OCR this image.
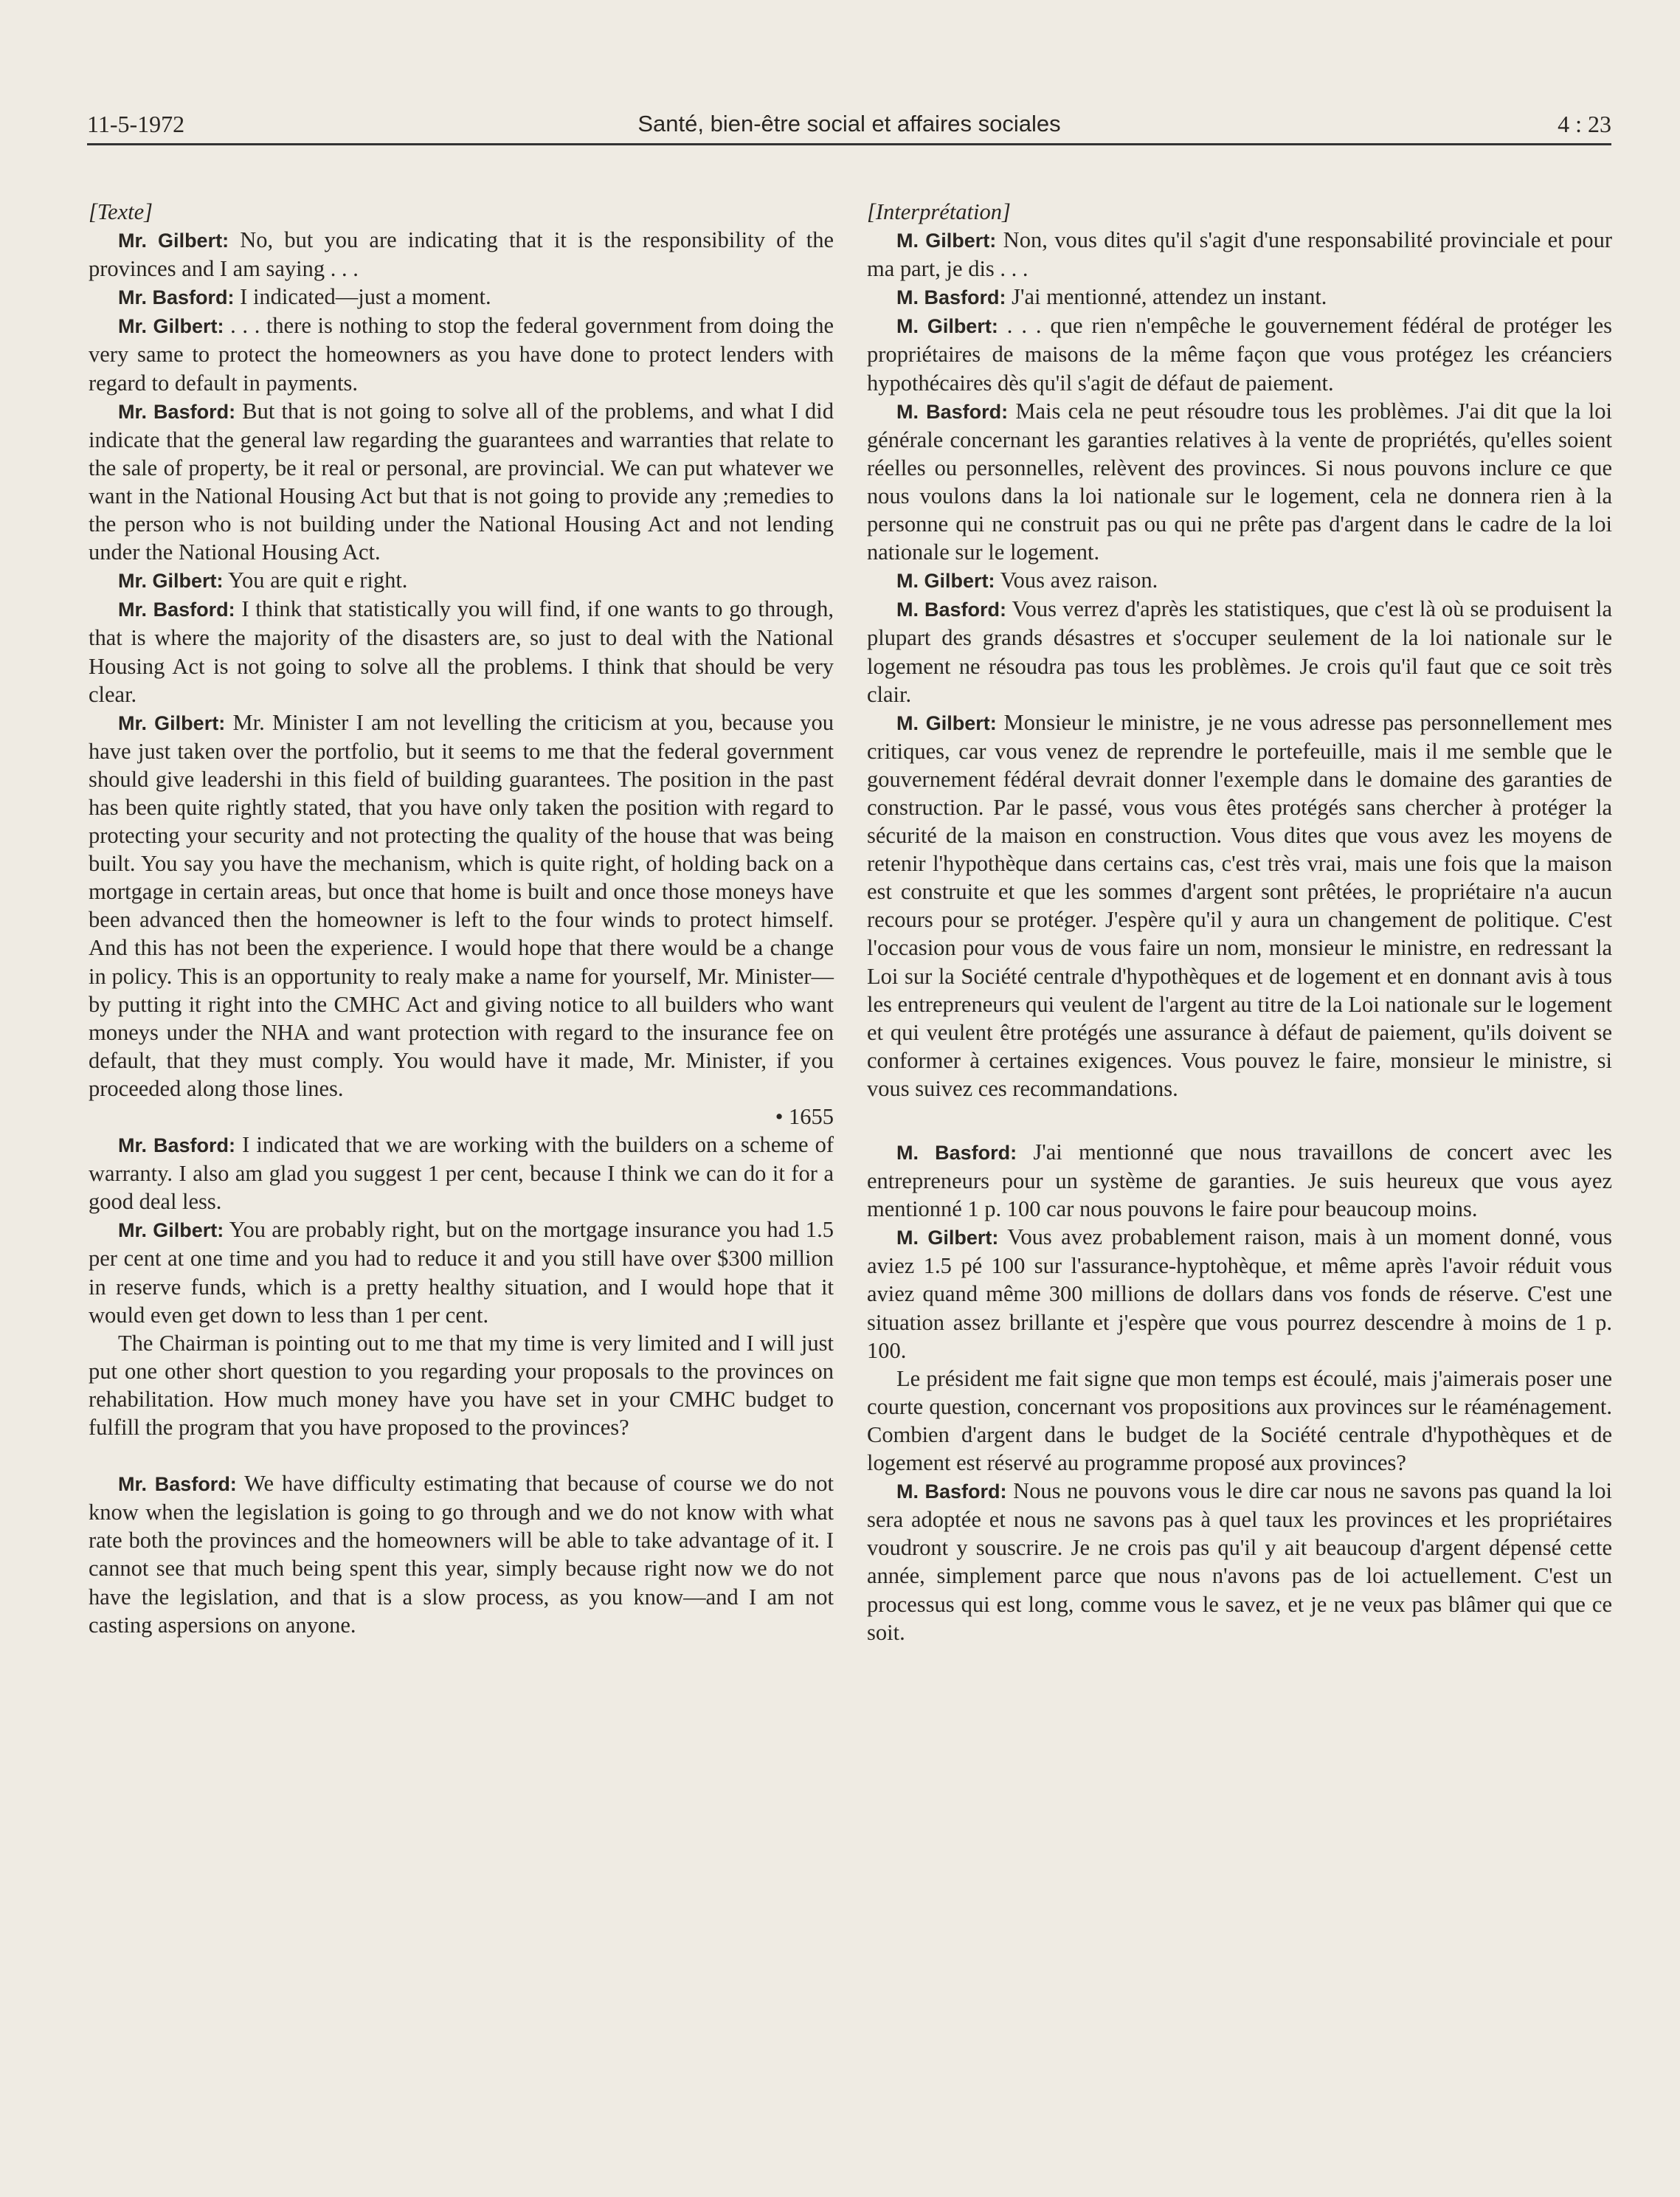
11-5-1972	Santé, bien-être social et affaires sociales	4 : 23

[Texte]

Mr. Gilbert: No, but you are indicating that it is the responsibility of the provinces and I am saying . . .

Mr. Basford: I indicated—just a moment.

Mr. Gilbert: . . . there is nothing to stop the federal government from doing the very same to protect the homeowners as you have done to protect lenders with regard to default in payments.

Mr. Basford: But that is not going to solve all of the problems, and what I did indicate that the general law regarding the guarantees and warranties that relate to the sale of property, be it real or personal, are provincial. We can put whatever we want in the National Housing Act but that is not going to provide any ;remedies to the person who is not building under the National Housing Act and not lending under the National Housing Act.

Mr. Gilbert: You are quit e right.

Mr. Basford: I think that statistically you will find, if one wants to go through, that is where the majority of the disasters are, so just to deal with the National Housing Act is not going to solve all the problems. I think that should be very clear.

Mr. Gilbert: Mr. Minister I am not levelling the criticism at you, because you have just taken over the portfolio, but it seems to me that the federal government should give leadershi in this field of building guarantees. The position in the past has been quite rightly stated, that you have only taken the position with regard to protecting your security and not protecting the quality of the house that was being built. You say you have the mechanism, which is quite right, of holding back on a mortgage in certain areas, but once that home is built and once those moneys have been advanced then the homeowner is left to the four winds to protect himself. And this has not been the experience. I would hope that there would be a change in policy. This is an opportunity to realy make a name for yourself, Mr. Minister—by putting it right into the CMHC Act and giving notice to all builders who want moneys under the NHA and want protection with regard to the insurance fee on default, that they must comply. You would have it made, Mr. Minister, if you proceeded along those lines.

• 1655

Mr. Basford: I indicated that we are working with the builders on a scheme of warranty. I also am glad you suggest 1 per cent, because I think we can do it for a good deal less.

Mr. Gilbert: You are probably right, but on the mortgage insurance you had 1.5 per cent at one time and you had to reduce it and you still have over $300 million in reserve funds, which is a pretty healthy situation, and I would hope that it would even get down to less than 1 per cent.

The Chairman is pointing out to me that my time is very limited and I will just put one other short question to you regarding your proposals to the provinces on rehabilitation. How much money have you have set in your CMHC budget to fulfill the program that you have proposed to the provinces?

Mr. Basford: We have difficulty estimating that because of course we do not know when the legislation is going to go through and we do not know with what rate both the provinces and the homeowners will be able to take advantage of it. I cannot see that much being spent this year, simply because right now we do not have the legislation, and that is a slow process, as you know—and I am not casting aspersions on anyone.

[Interprétation]

M. Gilbert: Non, vous dites qu'il s'agit d'une responsabilité provinciale et pour ma part, je dis . . .

M. Basford: J'ai mentionné, attendez un instant.

M. Gilbert: . . . que rien n'empêche le gouvernement fédéral de protéger les propriétaires de maisons de la même façon que vous protégez les créanciers hypothécaires dès qu'il s'agit de défaut de paiement.

M. Basford: Mais cela ne peut résoudre tous les problèmes. J'ai dit que la loi générale concernant les garanties relatives à la vente de propriétés, qu'elles soient réelles ou personnelles, relèvent des provinces. Si nous pouvons inclure ce que nous voulons dans la loi nationale sur le logement, cela ne donnera rien à la personne qui ne construit pas ou qui ne prête pas d'argent dans le cadre de la loi nationale sur le logement.

M. Gilbert: Vous avez raison.

M. Basford: Vous verrez d'après les statistiques, que c'est là où se produisent la plupart des grands désastres et s'occuper seulement de la loi nationale sur le logement ne résoudra pas tous les problèmes. Je crois qu'il faut que ce soit très clair.

M. Gilbert: Monsieur le ministre, je ne vous adresse pas personnellement mes critiques, car vous venez de reprendre le portefeuille, mais il me semble que le gouvernement fédéral devrait donner l'exemple dans le domaine des garanties de construction. Par le passé, vous vous êtes protégés sans chercher à protéger la sécurité de la maison en construction. Vous dites que vous avez les moyens de retenir l'hypothèque dans certains cas, c'est très vrai, mais une fois que la maison est construite et que les sommes d'argent sont prêtées, le propriétaire n'a aucun recours pour se protéger. J'espère qu'il y aura un changement de politique. C'est l'occasion pour vous de vous faire un nom, monsieur le ministre, en redressant la Loi sur la Société centrale d'hypothèques et de logement et en donnant avis à tous les entrepreneurs qui veulent de l'argent au titre de la Loi nationale sur le logement et qui veulent être protégés une assurance à défaut de paiement, qu'ils doivent se conformer à certaines exigences. Vous pouvez le faire, monsieur le ministre, si vous suivez ces recommandations.

M. Basford: J'ai mentionné que nous travaillons de concert avec les entrepreneurs pour un système de garanties. Je suis heureux que vous ayez mentionné 1 p. 100 car nous pouvons le faire pour beaucoup moins.

M. Gilbert: Vous avez probablement raison, mais à un moment donné, vous aviez 1.5 pé 100 sur l'assurance-hyptohèque, et même après l'avoir réduit vous aviez quand même 300 millions de dollars dans vos fonds de réserve. C'est une situation assez brillante et j'espère que vous pourrez descendre à moins de 1 p. 100.

Le président me fait signe que mon temps est écoulé, mais j'aimerais poser une courte question, concernant vos propositions aux provinces sur le réaménagement. Combien d'argent dans le budget de la Société centrale d'hypothèques et de logement est réservé au programme proposé aux provinces?

M. Basford: Nous ne pouvons vous le dire car nous ne savons pas quand la loi sera adoptée et nous ne savons pas à quel taux les provinces et les propriétaires voudront y souscrire. Je ne crois pas qu'il y ait beaucoup d'argent dépensé cette année, simplement parce que nous n'avons pas de loi actuellement. C'est un processus qui est long, comme vous le savez, et je ne veux pas blâmer qui que ce soit.
